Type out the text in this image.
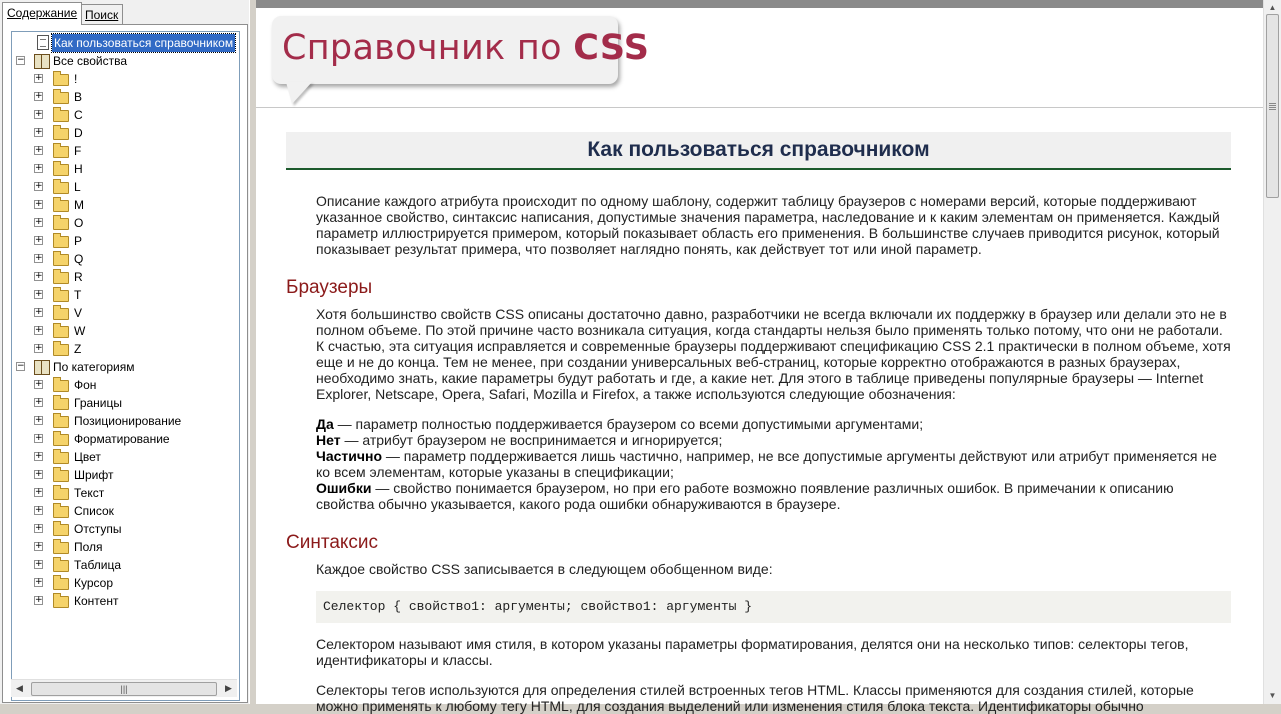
Содержание Поиск
Как пользоваться справочником
− Все свойства
+	!
+	B
+	C
+	D
+	F
+	H
+	L
+	M
+	O
+	P
+	Q
+	R
+	T
+	V
+	W
+	Z
− По категориям
+	Фон
+	Границы
+	Позиционирование
+	Форматирование
+	Цвет
+	Шрифт
+	Текст
+	Список
+	Отступы
+	Поля
+	Таблица
+	Курсор
+	Контент
◀	|||	▶
Справочник по CSS
Как пользоваться справочником
Описание каждого атрибута происходит по одному шаблону, содержит таблицу браузеров с номерами версий, которые поддерживают указанное свойство, синтаксис написания, допустимые значения параметра, наследование и к каким элементам он применяется. Каждый параметр иллюстрируется примером, который показывает область его применения. В большинстве случаев приводится рисунок, который показывает результат примера, что позволяет наглядно понять, как действует тот или иной параметр.
Браузеры
Хотя большинство свойств CSS описаны достаточно давно, разработчики не всегда включали их поддержку в браузер или делали это не в полном объеме. По этой причине часто возникала ситуация, когда стандарты нельзя было применять только потому, что они не работали. К счастью, эта ситуация исправляется и современные браузеры поддерживают спецификацию CSS 2.1 практически в полном объеме, хотя еще и не до конца. Тем не менее, при создании универсальных веб-страниц, которые корректно отображаются в разных браузерах, необходимо знать, какие параметры будут работать и где, а какие нет. Для этого в таблице приведены популярные браузеры — Internet Explorer, Netscape, Opera, Safari, Mozilla и Firefox, а также используются следующие обозначения:
Да — параметр полностью поддерживается браузером со всеми допустимыми аргументами;
Нет — атрибут браузером не воспринимается и игнорируется;
Частично — параметр поддерживается лишь частично, например, не все допустимые аргументы действуют или атрибут применяется не ко всем элементам, которые указаны в спецификации;
Ошибки — свойство понимается браузером, но при его работе возможно появление различных ошибок. В примечании к описанию свойства обычно указывается, какого рода ошибки обнаруживаются в браузере.
Синтаксис
Каждое свойство CSS записывается в следующем обобщенном виде:
Селектор { свойство1: аргументы; свойство1: аргументы }
Селектором называют имя стиля, в котором указаны параметры форматирования, делятся они на несколько типов: селекторы тегов, идентификаторы и классы.
Селекторы тегов используются для определения стилей встроенных тегов HTML. Классы применяются для создания стилей, которые можно применять к любому тегу HTML, для создания выделений или изменения стиля блока текста. Идентификаторы обычно
▲
▼
